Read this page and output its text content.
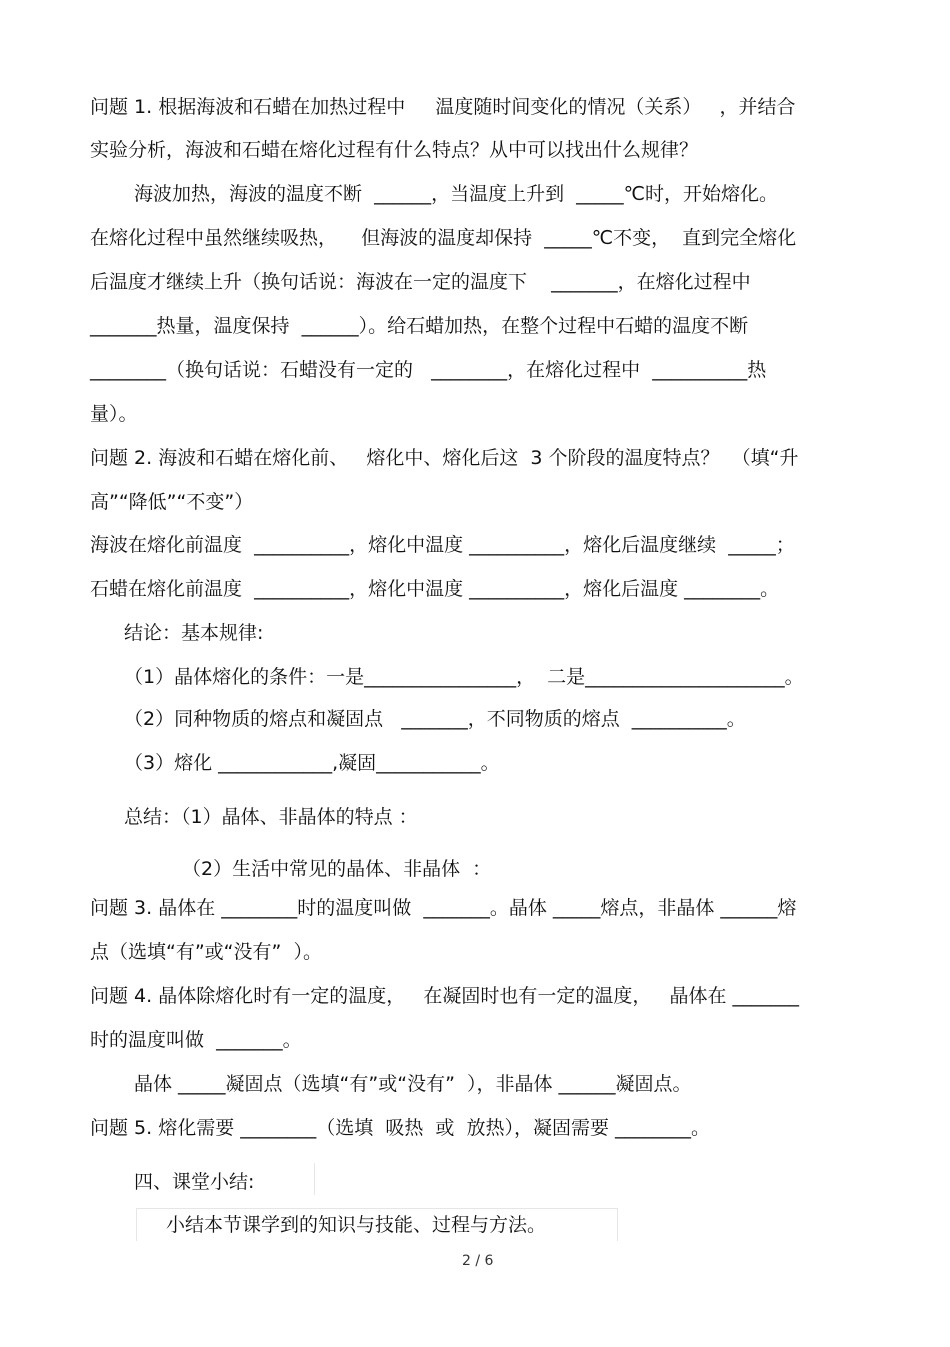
问题 1. 根据海波和石蜡在加热过程中     温度随时间变化的情况（关系）   ，并结合
实验分析，海波和石蜡在熔化过程有什么特点？从中可以找出什么规律？
海波加热，海波的温度不断  ______，当温度上升到  _____℃时，开始熔化。
在熔化过程中虽然继续吸热，    但海波的温度却保持  _____℃不变，  直到完全熔化
后温度才继续上升（换句话说：海波在一定的温度下    _______，在熔化过程中
_______热量，温度保持  ______）。给石蜡加热，在整个过程中石蜡的温度不断
________（换句话说：石蜡没有一定的   ________，在熔化过程中  __________热
量）。
问题 2. 海波和石蜡在熔化前、   熔化中、熔化后这  3 个阶段的温度特点？  （填“升
高”“降低”“不变”）
海波在熔化前温度  __________，熔化中温度 __________，熔化后温度继续  _____；
石蜡在熔化前温度  __________，熔化中温度 __________，熔化后温度 ________。
结论：基本规律:
（1）晶体熔化的条件：一是________________，  二是_____________________。
（2）同种物质的熔点和凝固点   _______，不同物质的熔点  __________。
（3）熔化 ____________,凝固___________。
总结：（1）晶体、非晶体的特点 ：
（2）生活中常见的晶体、非晶体  ：
问题 3. 晶体在 ________时的温度叫做  _______。晶体 _____熔点，非晶体 ______熔
点（选填“有”或“没有”  ）。
问题 4. 晶体除熔化时有一定的温度，   在凝固时也有一定的温度，   晶体在 _______
时的温度叫做  _______。
晶体 _____凝固点（选填“有”或“没有”  ），非晶体 ______凝固点。
问题 5. 熔化需要 ________（选填  吸热  或  放热），凝固需要 ________。
四、课堂小结:
小结本节课学到的知识与技能、过程与方法。
2 / 6
